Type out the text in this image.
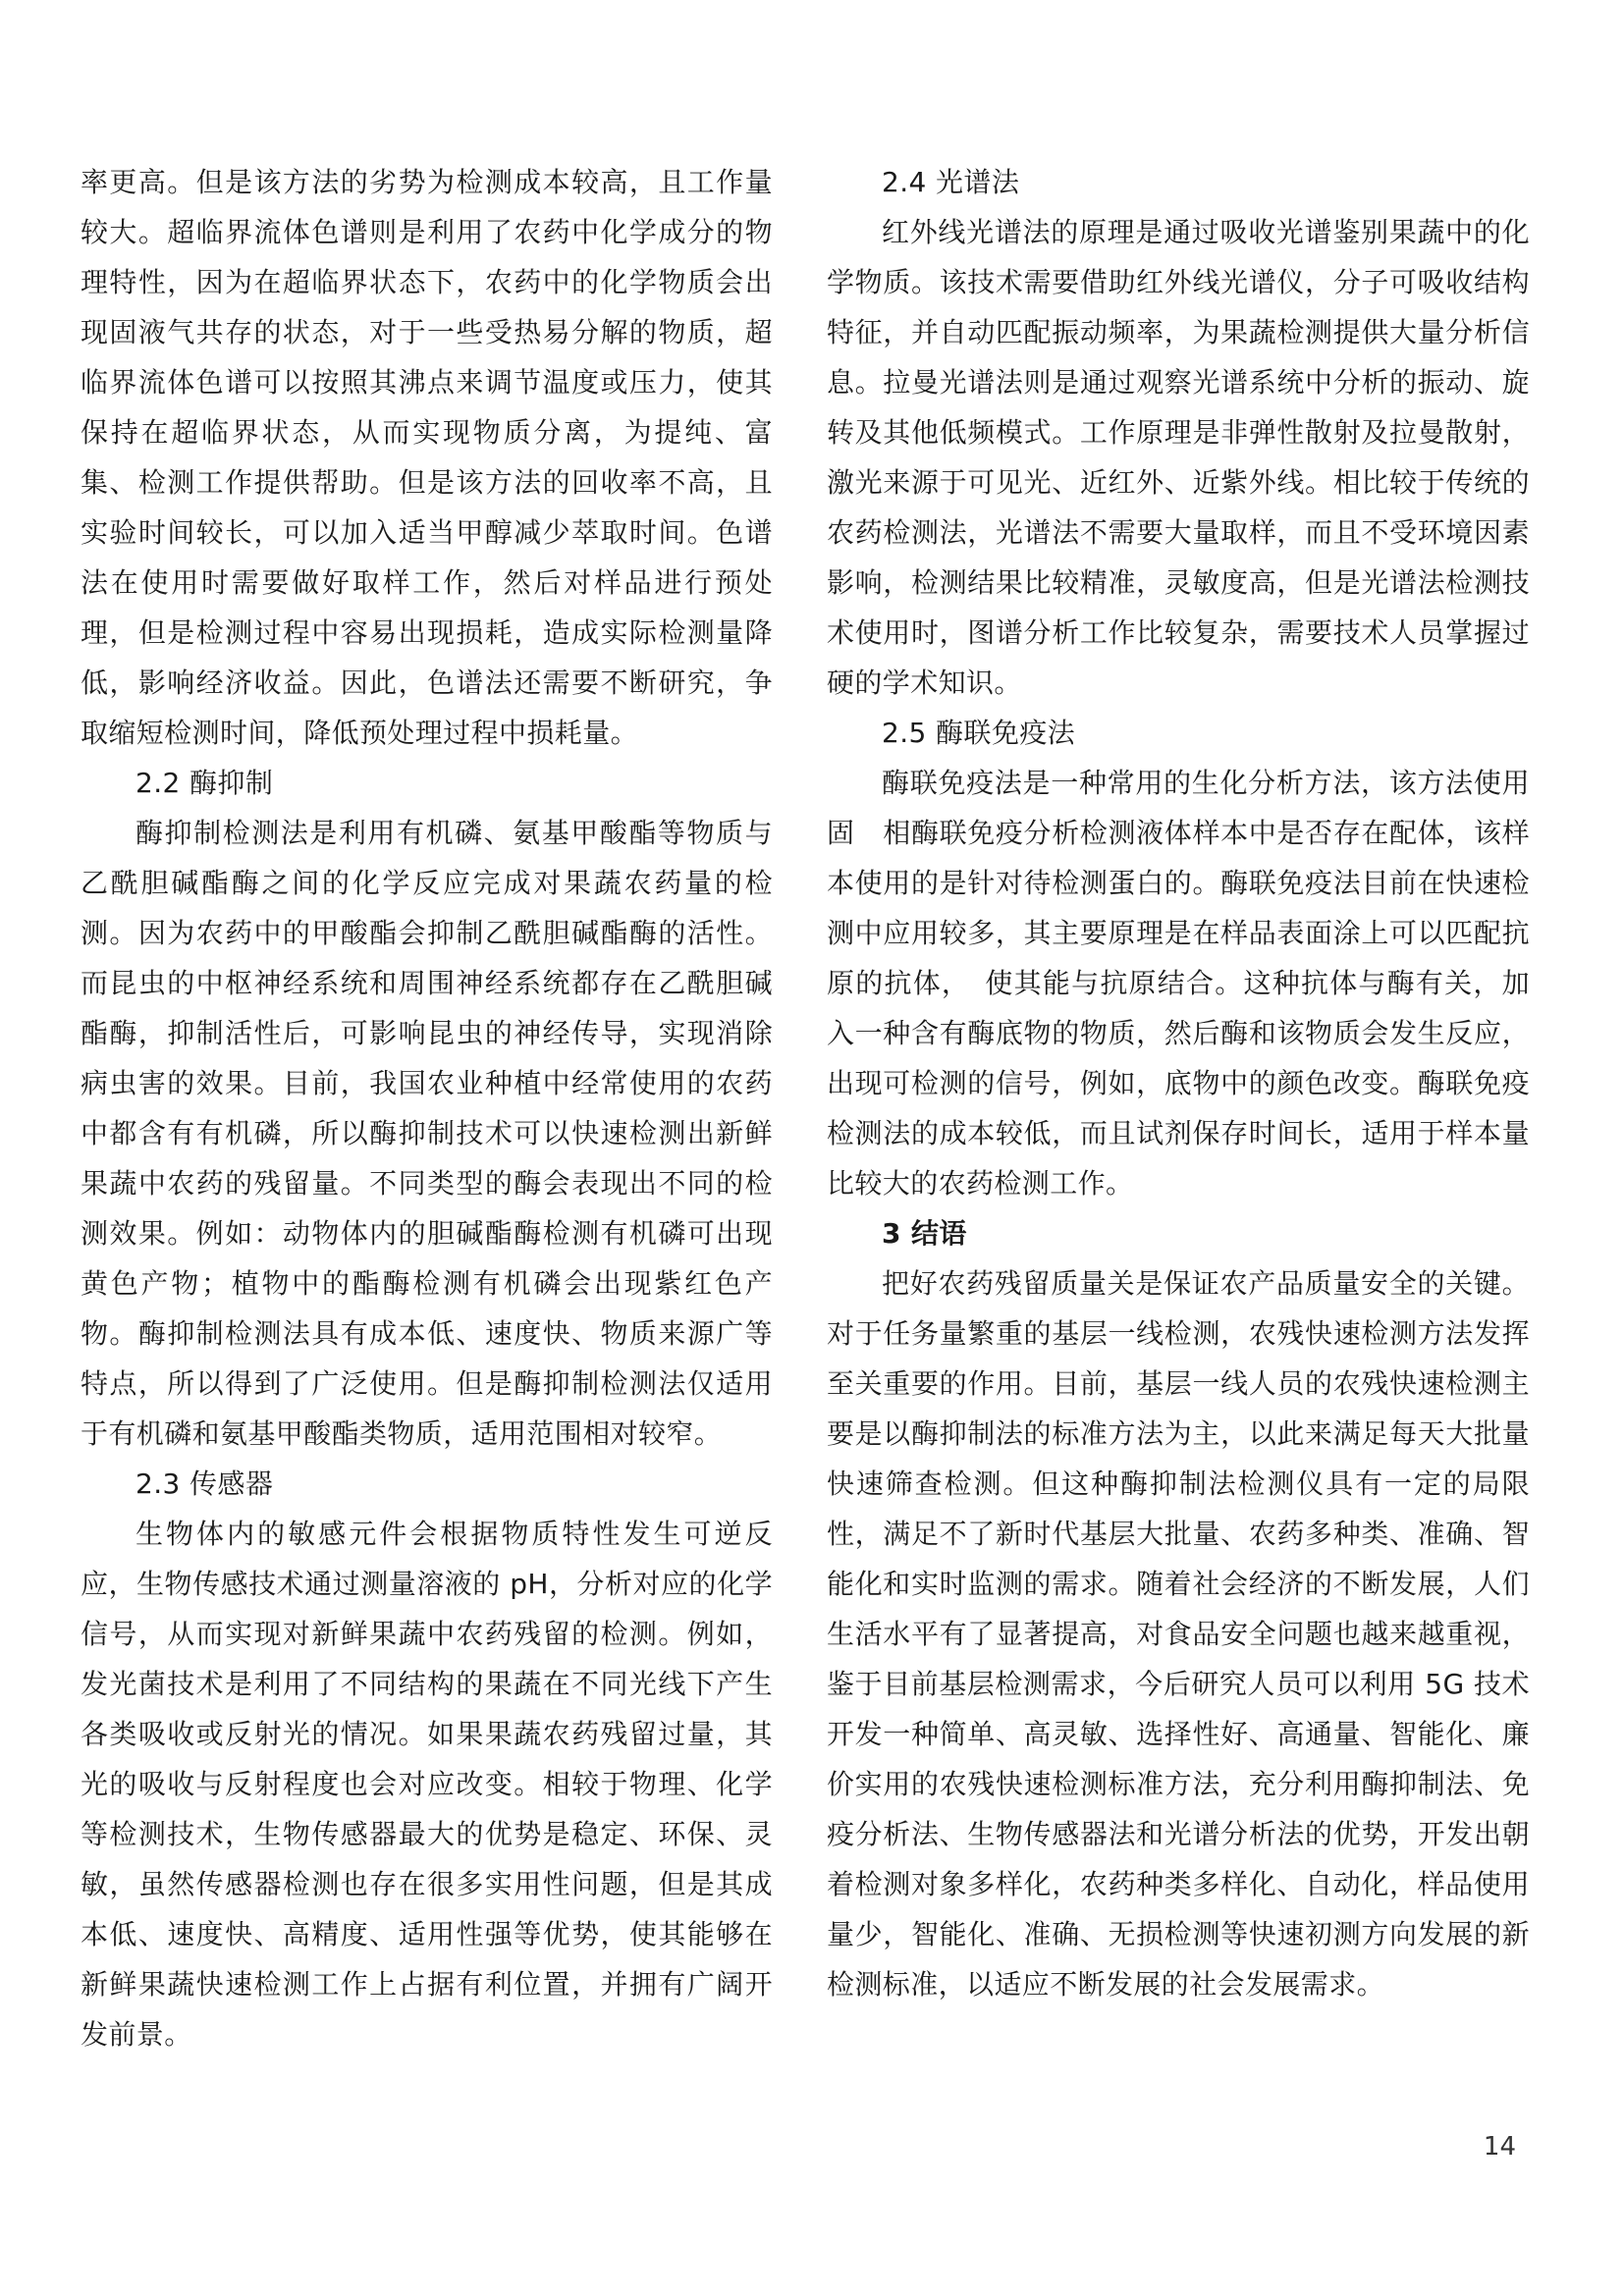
率更高。但是该方法的劣势为检测成本较高，且工作量较大。超临界流体色谱则是利用了农药中化学成分的物理特性，因为在超临界状态下，农药中的化学物质会出现固液气共存的状态，对于一些受热易分解的物质，超临界流体色谱可以按照其沸点来调节温度或压力，使其保持在超临界状态，从而实现物质分离，为提纯、富集、检测工作提供帮助。但是该方法的回收率不高，且实验时间较长，可以加入适当甲醇减少萃取时间。色谱法在使用时需要做好取样工作，然后对样品进行预处理，但是检测过程中容易出现损耗，造成实际检测量降低，影响经济收益。因此，色谱法还需要不断研究，争取缩短检测时间，降低预处理过程中损耗量。

2.2 酶抑制

酶抑制检测法是利用有机磷、氨基甲酸酯等物质与乙酰胆碱酯酶之间的化学反应完成对果蔬农药量的检测。因为农药中的甲酸酯会抑制乙酰胆碱酯酶的活性。而昆虫的中枢神经系统和周围神经系统都存在乙酰胆碱酯酶，抑制活性后，可影响昆虫的神经传导，实现消除病虫害的效果。目前，我国农业种植中经常使用的农药中都含有有机磷，所以酶抑制技术可以快速检测出新鲜果蔬中农药的残留量。不同类型的酶会表现出不同的检测效果。例如：动物体内的胆碱酯酶检测有机磷可出现黄色产物；植物中的酯酶检测有机磷会出现紫红色产物。酶抑制检测法具有成本低、速度快、物质来源广等特点，所以得到了广泛使用。但是酶抑制检测法仅适用于有机磷和氨基甲酸酯类物质，适用范围相对较窄。

2.3 传感器

生物体内的敏感元件会根据物质特性发生可逆反应，生物传感技术通过测量溶液的 pH，分析对应的化学信号，从而实现对新鲜果蔬中农药残留的检测。例如，发光菌技术是利用了不同结构的果蔬在不同光线下产生各类吸收或反射光的情况。如果果蔬农药残留过量，其光的吸收与反射程度也会对应改变。相较于物理、化学等检测技术，生物传感器最大的优势是稳定、环保、灵敏，虽然传感器检测也存在很多实用性问题，但是其成本低、速度快、高精度、适用性强等优势，使其能够在新鲜果蔬快速检测工作上占据有利位置，并拥有广阔开发前景。

2.4 光谱法

红外线光谱法的原理是通过吸收光谱鉴别果蔬中的化学物质。该技术需要借助红外线光谱仪，分子可吸收结构特征，并自动匹配振动频率，为果蔬检测提供大量分析信息。拉曼光谱法则是通过观察光谱系统中分析的振动、旋转及其他低频模式。工作原理是非弹性散射及拉曼散射，激光来源于可见光、近红外、近紫外线。相比较于传统的农药检测法，光谱法不需要大量取样，而且不受环境因素影响，检测结果比较精准，灵敏度高，但是光谱法检测技术使用时，图谱分析工作比较复杂，需要技术人员掌握过硬的学术知识。

2.5 酶联免疫法

酶联免疫法是一种常用的生化分析方法，该方法使用固　相酶联免疫分析检测液体样本中是否存在配体，该样本使用的是针对待检测蛋白的。酶联免疫法目前在快速检测中应用较多，其主要原理是在样品表面涂上可以匹配抗原的抗体，　使其能与抗原结合。这种抗体与酶有关，加入一种含有酶底物的物质，然后酶和该物质会发生反应，出现可检测的信号，例如，底物中的颜色改变。酶联免疫检测法的成本较低，而且试剂保存时间长，适用于样本量比较大的农药检测工作。

3 结语

把好农药残留质量关是保证农产品质量安全的关键。对于任务量繁重的基层一线检测，农残快速检测方法发挥至关重要的作用。目前，基层一线人员的农残快速检测主要是以酶抑制法的标准方法为主，以此来满足每天大批量快速筛查检测。但这种酶抑制法检测仪具有一定的局限性，满足不了新时代基层大批量、农药多种类、准确、智能化和实时监测的需求。随着社会经济的不断发展，人们生活水平有了显著提高，对食品安全问题也越来越重视，鉴于目前基层检测需求，今后研究人员可以利用 5G 技术开发一种简单、高灵敏、选择性好、高通量、智能化、廉价实用的农残快速检测标准方法，充分利用酶抑制法、免疫分析法、生物传感器法和光谱分析法的优势，开发出朝着检测对象多样化，农药种类多样化、自动化，样品使用量少，智能化、准确、无损检测等快速初测方向发展的新检测标准，以适应不断发展的社会发展需求。

14
